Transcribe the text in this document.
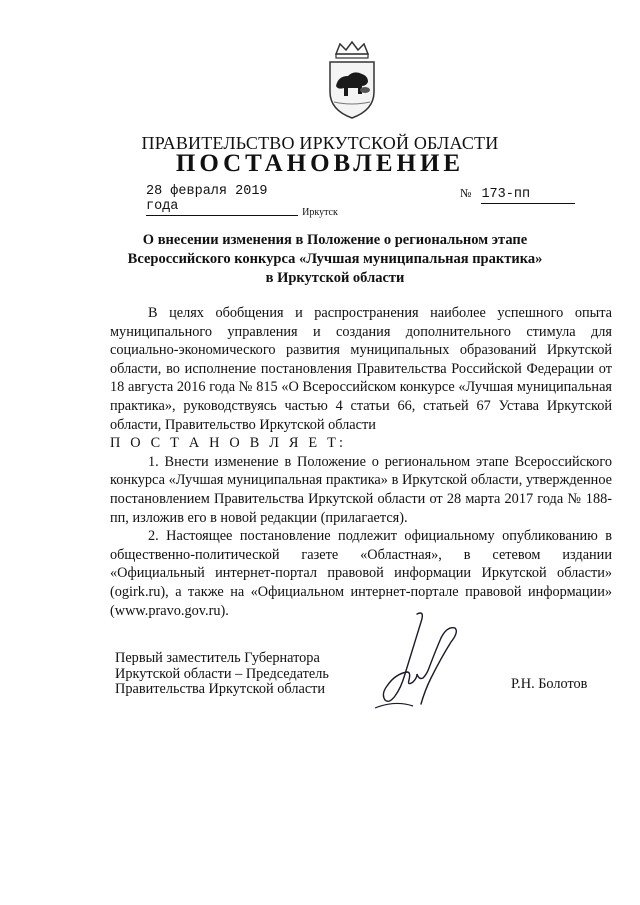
ПРАВИТЕЛЬСТВО ИРКУТСКОЙ ОБЛАСТИ
ПОСТАНОВЛЕНИЕ
28 февраля 2019 года
№ 173-пп
Иркутск
О внесении изменения в Положение о региональном этапе
Всероссийского конкурса «Лучшая муниципальная практика»
в Иркутской области

В целях обобщения и распространения наиболее успешного опыта муниципального управления и создания дополнительного стимула для социально-экономического развития муниципальных образований Иркутской области, во исполнение постановления Правительства Российской Федерации от 18 августа 2016 года № 815 «О Всероссийском конкурсе «Лучшая муниципальная практика», руководствуясь частью 4 статьи 66, статьей 67 Устава Иркутской области, Правительство Иркутской области

П О С Т А Н О В Л Я Е Т:

1. Внести изменение в Положение о региональном этапе Всероссийского конкурса «Лучшая муниципальная практика» в Иркутской области, утвержденное постановлением Правительства Иркутской области от 28 марта 2017 года № 188-пп, изложив его в новой редакции (прилагается).

2. Настоящее постановление подлежит официальному опубликованию в общественно-политической газете «Областная», в сетевом издании «Официальный интернет-портал правовой информации Иркутской области» (ogirk.ru), а также на «Официальном интернет-портале правовой информации» (www.pravo.gov.ru).

Первый заместитель Губернатора
Иркутской области – Председатель
Правительства Иркутской области	Р.Н. Болотов
